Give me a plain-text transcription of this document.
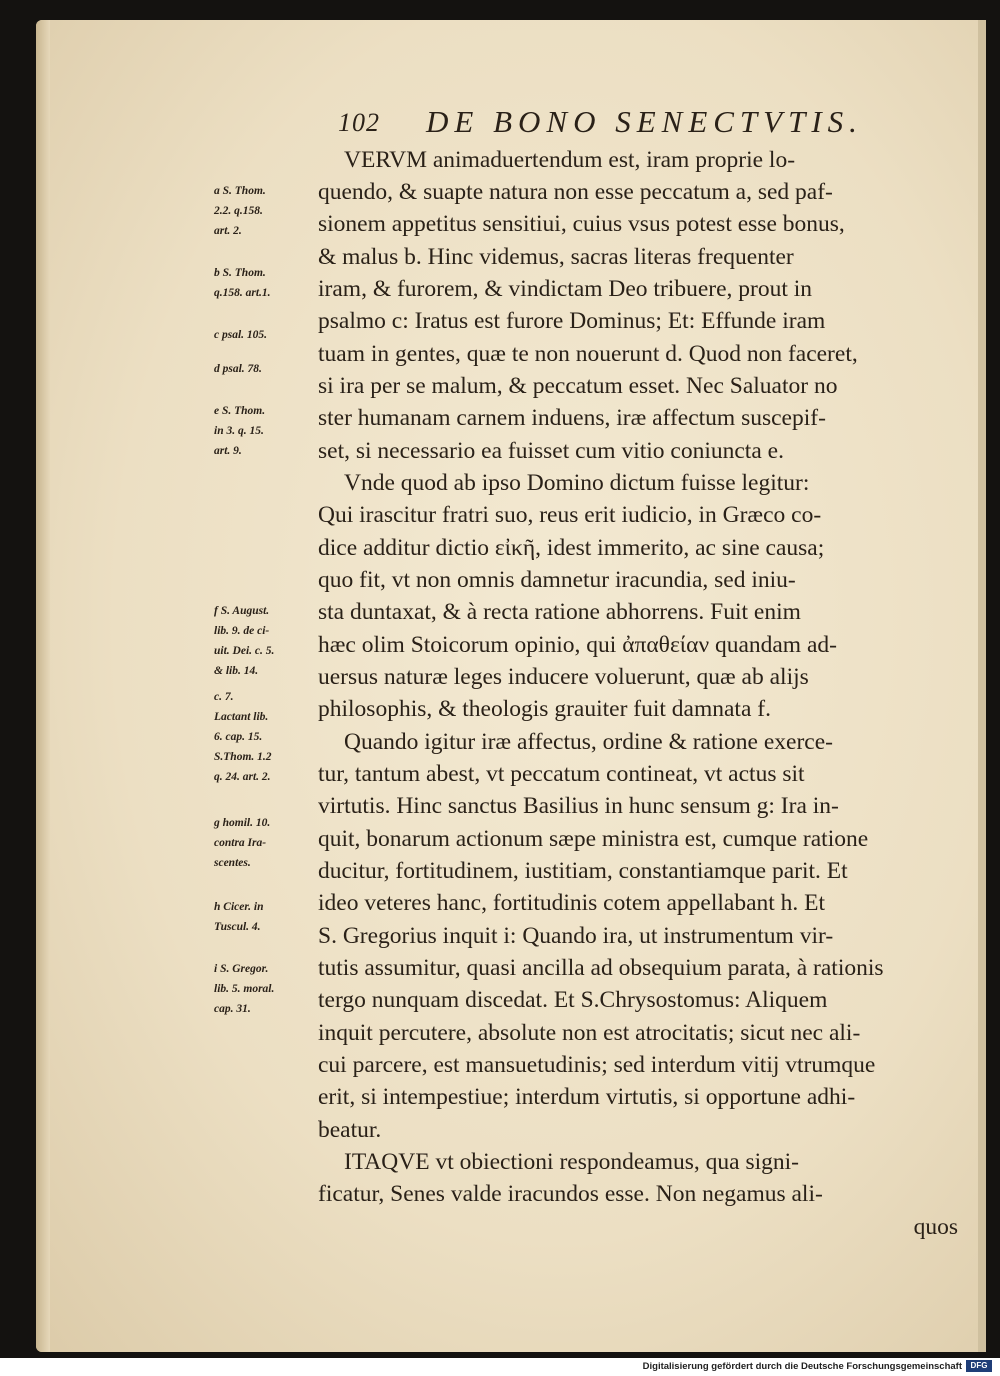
102 DE BONO SENECTVTIS.
VERVM animaduertendum est, iram proprie lo-
quendo, & suapte natura non esse peccatum a, sed paf-
sionem appetitus sensitiui, cuius vsus potest esse bonus,
& malus b. Hinc videmus, sacras literas frequenter
iram, & furorem, & vindictam Deo tribuere, prout in
psalmo c: Iratus est furore Dominus; Et: Effunde iram
tuam in gentes, quæ te non nouerunt d. Quod non faceret,
si ira per se malum, & peccatum esset. Nec Saluator no
ster humanam carnem induens, iræ affectum suscepif-
set, si necessario ea fuisset cum vitio coniuncta e.
Vnde quod ab ipso Domino dictum fuisse legitur:
Qui irascitur fratri suo, reus erit iudicio, in Græco co-
dice additur dictio εἰκῆ, idest immerito, ac sine causa;
quo fit, vt non omnis damnetur iracundia, sed iniu-
sta duntaxat, & à recta ratione abhorrens. Fuit enim
hæc olim Stoicorum opinio, qui ἀπαθείαν quandam ad-
uersus naturæ leges inducere voluerunt, quæ ab alijs
philosophis, & theologis grauiter fuit damnata f.
Quando igitur iræ affectus, ordine & ratione exerce-
tur, tantum abest, vt peccatum contineat, vt actus sit
virtutis. Hinc sanctus Basilius in hunc sensum g: Ira in-
quit, bonarum actionum sæpe ministra est, cumque ratione
ducitur, fortitudinem, iustitiam, constantiamque parit. Et
ideo veteres hanc, fortitudinis cotem appellabant h. Et
S. Gregorius inquit i: Quando ira, ut instrumentum vir-
tutis assumitur, quasi ancilla ad obsequium parata, à rationis
tergo nunquam discedat. Et S.Chrysostomus: Aliquem
inquit percutere, absolute non est atrocitatis; sicut nec ali-
cui parcere, est mansuetudinis; sed interdum vitij vtrumque
erit, si intempestiue; interdum virtutis, si opportune adhi-
beatur.
ITAQVE vt obiectioni respondeamus, qua signi-
ficatur, Senes valde iracundos esse. Non negamus ali-
quos
a S. Thom.
2.2. q.158.
art. 2.
b S. Thom.
q.158. art.1.
c psal. 105.
d psal. 78.
e S. Thom.
in 3. q. 15.
art. 9.
f S. August.
lib. 9. de ci-
uit. Dei. c. 5.
& lib. 14.
c. 7.
Lactant lib.
6. cap. 15.
S.Thom. 1.2
q. 24. art. 2.
g homil. 10.
contra Ira-
scentes.
h Cicer. in
Tuscul. 4.
i S. Gregor.
lib. 5. moral.
cap. 31.
Digitalisierung gefördert durch die Deutsche Forschungsgemeinschaft	DFG
